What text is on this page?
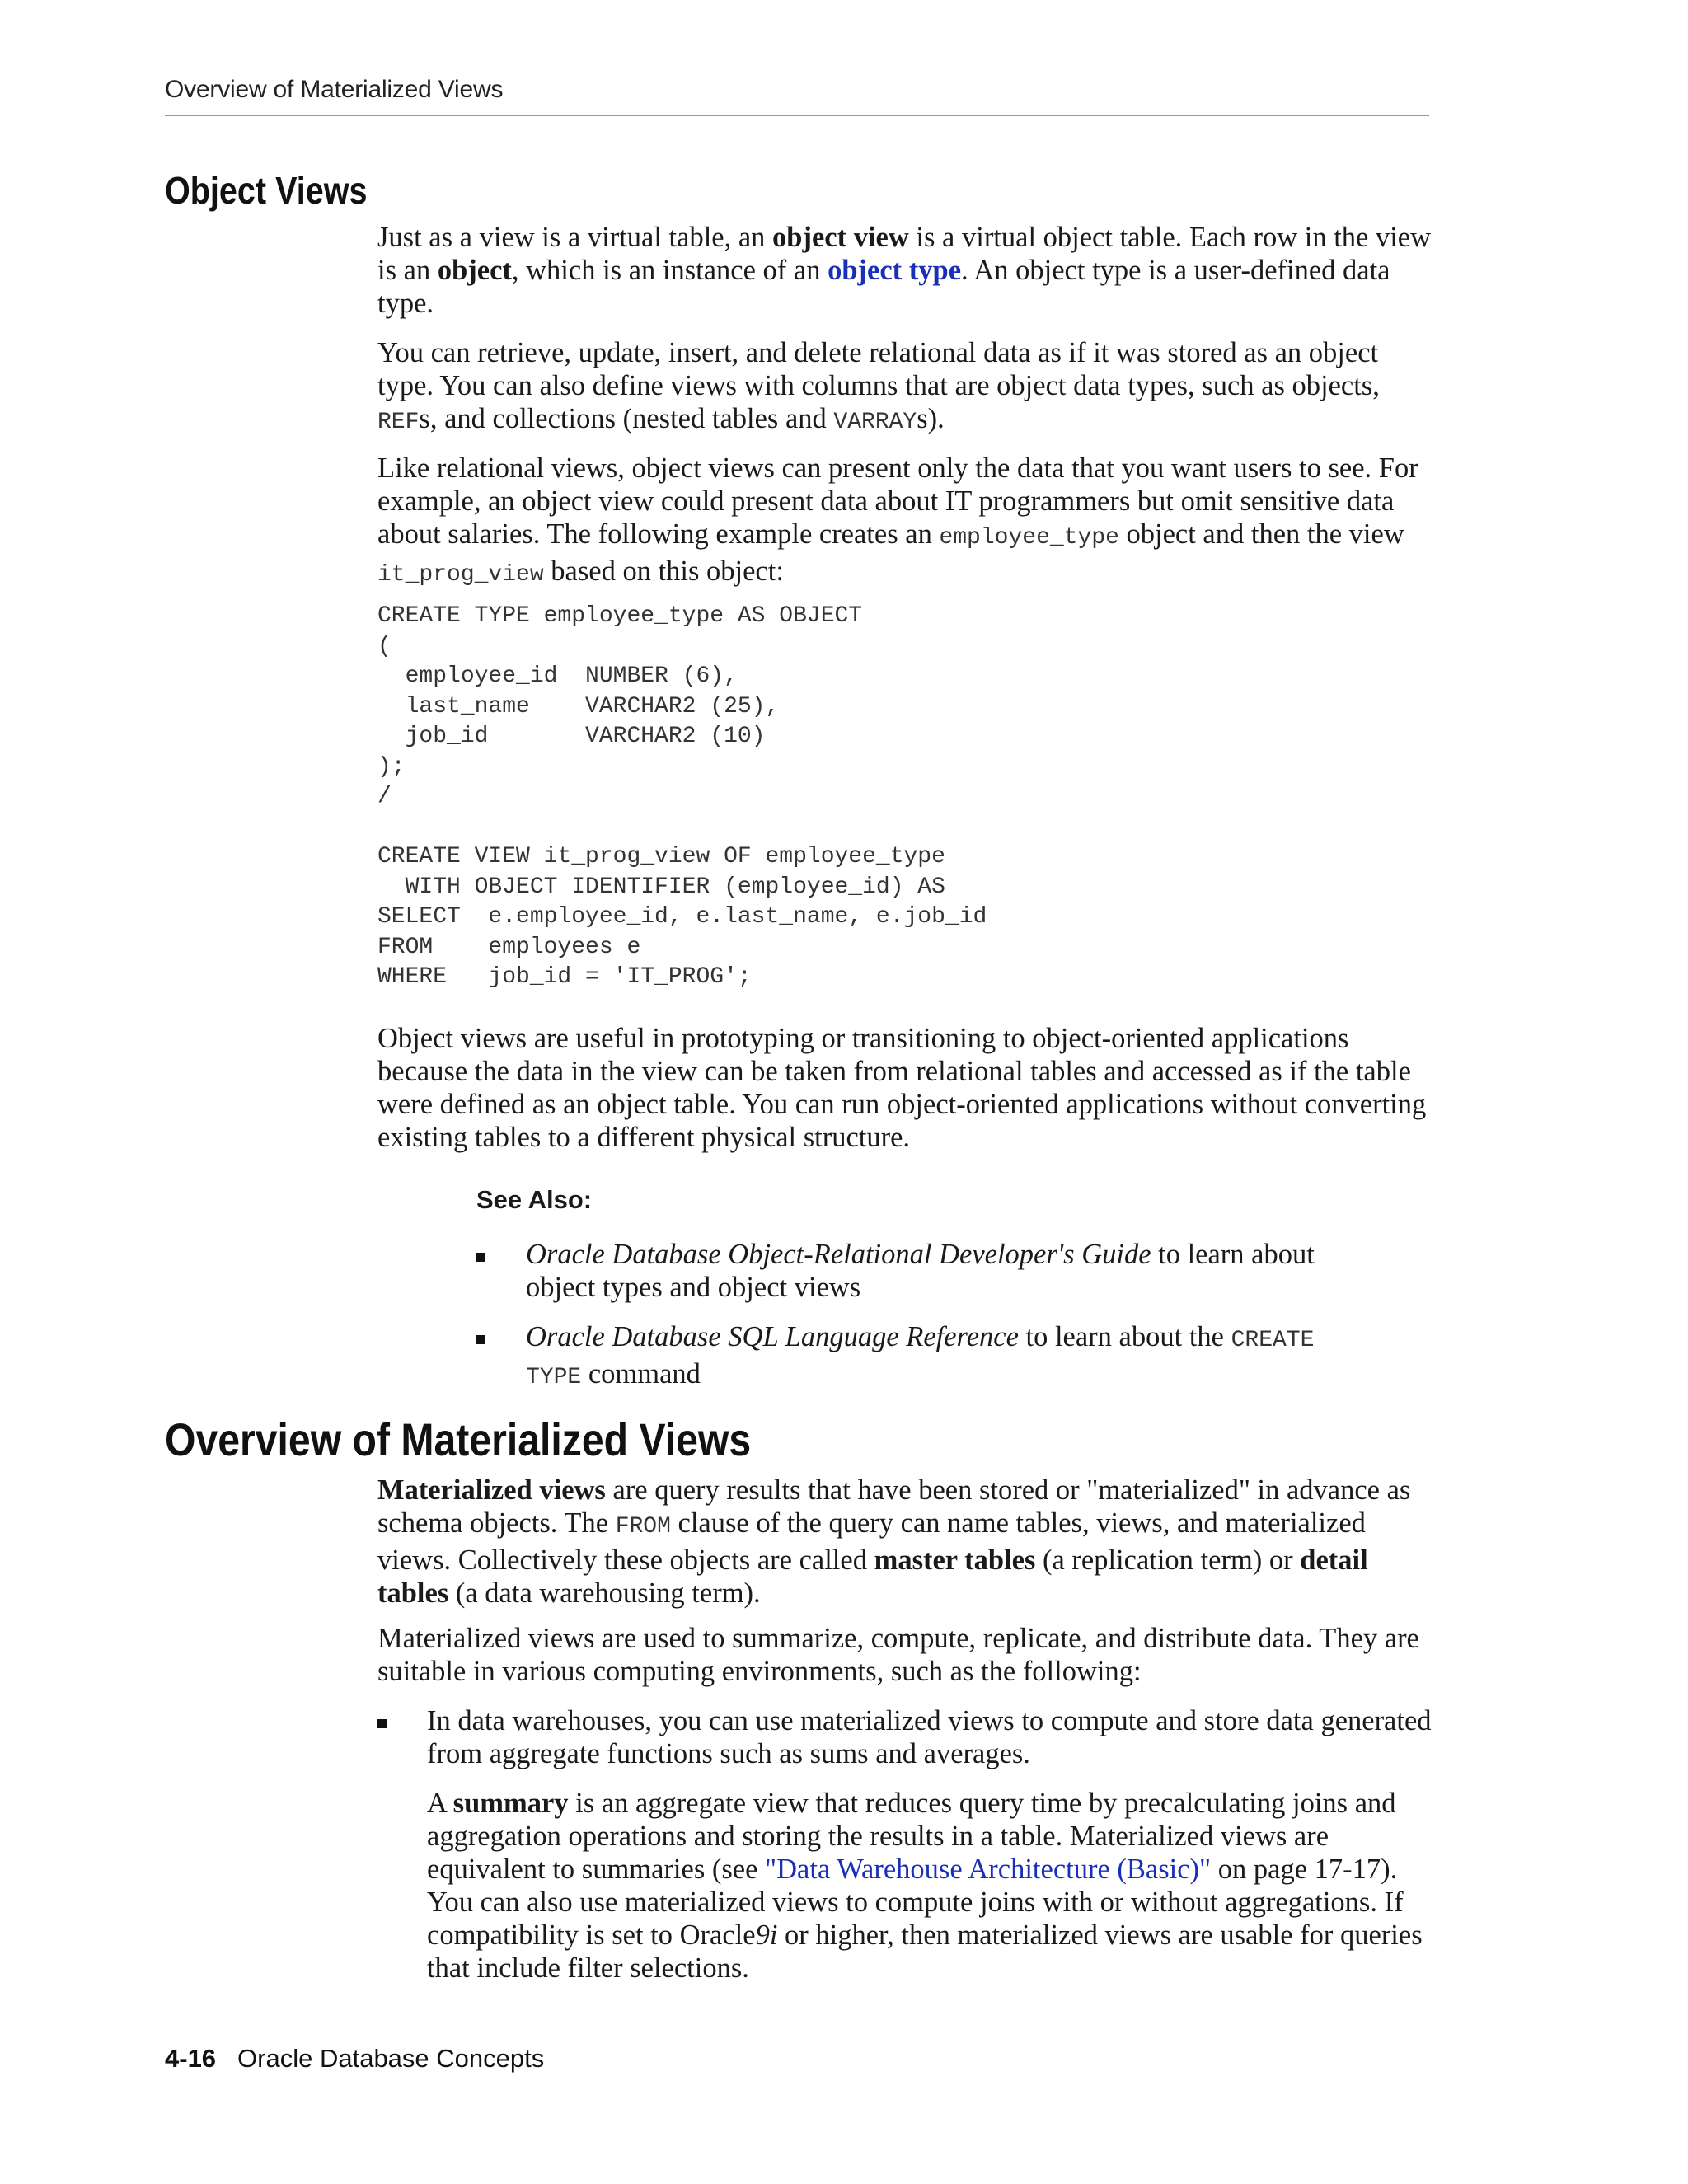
Overview of Materialized Views
Object Views

Just as a view is a virtual table, an object view is a virtual object table. Each row in the view is an object, which is an instance of an object type. An object type is a user-defined data type.

You can retrieve, update, insert, and delete relational data as if it was stored as an object type. You can also define views with columns that are object data types, such as objects, REFs, and collections (nested tables and VARRAYs).

Like relational views, object views can present only the data that you want users to see. For example, an object view could present data about IT programmers but omit sensitive data about salaries. The following example creates an employee_type object and then the view it_prog_view based on this object:

CREATE TYPE employee_type AS OBJECT
(
employee_id  NUMBER (6),
last_name    VARCHAR2 (25),
job_id       VARCHAR2 (10)
);
/

CREATE VIEW it_prog_view OF employee_type
WITH OBJECT IDENTIFIER (employee_id) AS
SELECT  e.employee_id, e.last_name, e.job_id
FROM    employees e
WHERE   job_id = 'IT_PROG';

Object views are useful in prototyping or transitioning to object-oriented applications because the data in the view can be taken from relational tables and accessed as if the table were defined as an object table. You can run object-oriented applications without converting existing tables to a different physical structure.

See Also:
Oracle Database Object-Relational Developer's Guide to learn about object types and object views
Oracle Database SQL Language Reference to learn about the CREATE TYPE command
Overview of Materialized Views

Materialized views are query results that have been stored or "materialized" in advance as schema objects. The FROM clause of the query can name tables, views, and materialized views. Collectively these objects are called master tables (a replication term) or detail tables (a data warehousing term).

Materialized views are used to summarize, compute, replicate, and distribute data. They are suitable in various computing environments, such as the following:

In data warehouses, you can use materialized views to compute and store data generated from aggregate functions such as sums and averages.

A summary is an aggregate view that reduces query time by precalculating joins and aggregation operations and storing the results in a table. Materialized views are equivalent to summaries (see "Data Warehouse Architecture (Basic)" on page 17-17). You can also use materialized views to compute joins with or without aggregations. If compatibility is set to Oracle9i or higher, then materialized views are usable for queries that include filter selections.

4-16 Oracle Database Concepts
